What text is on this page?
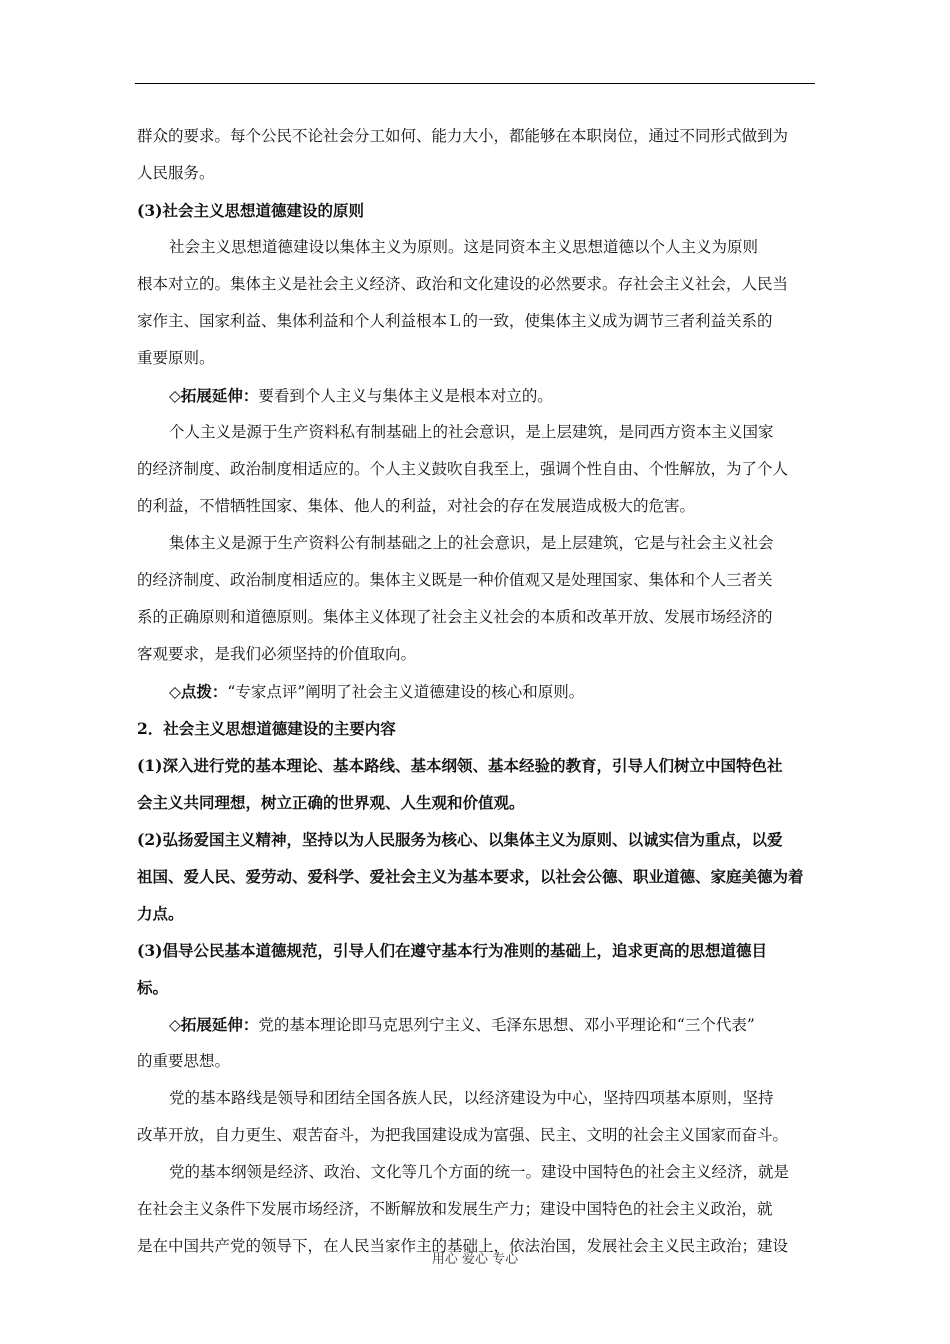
群众的要求。每个公民不论社会分工如何、能力大小，都能够在本职岗位，通过不同形式做到为
人民服务。
(3)社会主义思想道德建设的原则
社会主义思想道德建设以集体主义为原则。这是同资本主义思想道德以个人主义为原则
根本对立的。集体主义是社会主义经济、政治和文化建设的必然要求。存社会主义社会，人民当
家作主、国家利益、集体利益和个人利益根本Ｌ的一致，使集体主义成为调节三者利益关系的
重要原则。
◇拓展延伸：要看到个人主义与集体主义是根本对立的。
个人主义是源于生产资料私有制基础上的社会意识，是上层建筑，是同西方资本主义国家
的经济制度、政治制度相适应的。个人主义鼓吹自我至上，强调个性自由、个性解放，为了个人
的利益，不惜牺牲国家、集体、他人的利益，对社会的存在发展造成极大的危害。
集体主义是源于生产资料公有制基础之上的社会意识，是上层建筑，它是与社会主义社会
的经济制度、政治制度相适应的。集体主义既是一种价值观又是处理国家、集体和个人三者关
系的正确原则和道德原则。集体主义体现了社会主义社会的本质和改革开放、发展市场经济的
客观要求，是我们必须坚持的价值取向。
◇点拨：“专家点评”阐明了社会主义道德建设的核心和原则。
2．社会主义思想道德建设的主要内容
(1)深入进行党的基本理论、基本路线、基本纲领、基本经验的教育，引导人们树立中国特色社
会主义共同理想，树立正确的世界观、人生观和价值观。
(2)弘扬爱国主义精神，坚持以为人民服务为核心、以集体主义为原则、以诚实信为重点，以爱
祖国、爱人民、爱劳动、爱科学、爱社会主义为基本要求，以社会公德、职业道德、家庭美德为着
力点。
(3)倡导公民基本道德规范，引导人们在遵守基本行为准则的基础上，追求更高的思想道德目
标。
◇拓展延伸：党的基本理论即马克思列宁主义、毛泽东思想、邓小平理论和“三个代表”
的重要思想。
党的基本路线是领导和团结全国各族人民，以经济建设为中心，坚持四项基本原则，坚持
改革开放，自力更生、艰苦奋斗，为把我国建设成为富强、民主、文明的社会主义国家而奋斗。
党的基本纲领是经济、政治、文化等几个方面的统一。建设中国特色的社会主义经济，就是
在社会主义条件下发展市场经济，不断解放和发展生产力；建设中国特色的社会主义政治，就
是在中国共产党的领导下，在人民当家作主的基础上，依法治国，发展社会主义民主政治；建设
用心 爱心 专心
